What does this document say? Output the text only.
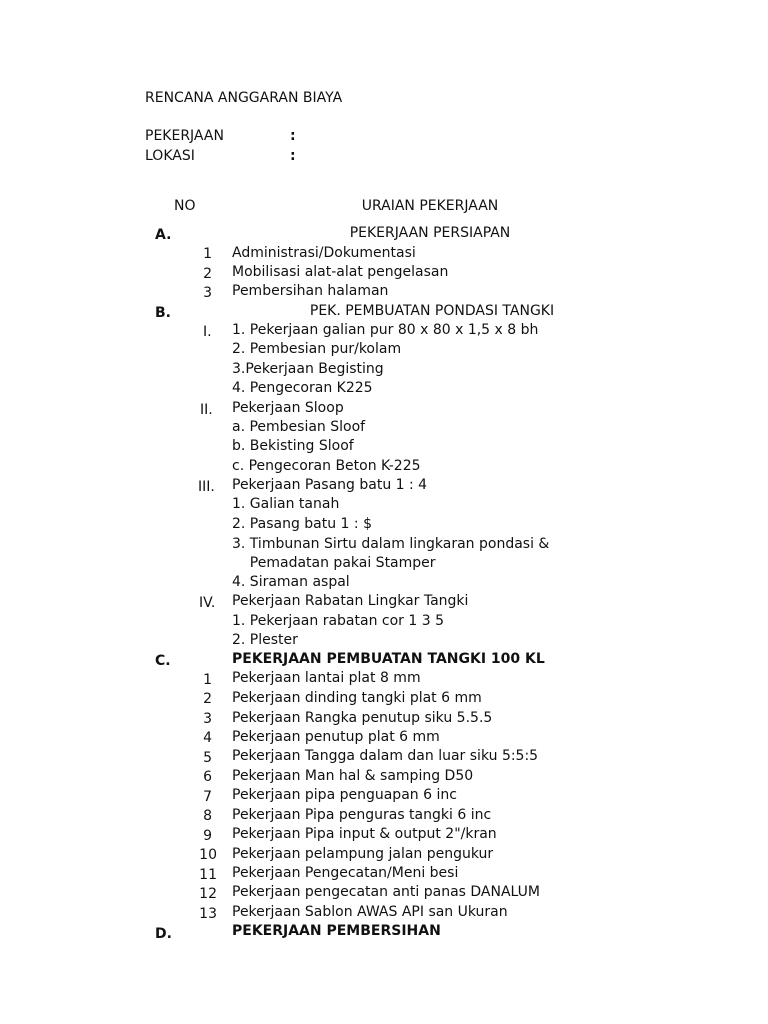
RENCANA ANGGARAN BIAYA
PEKERJAAN	:
LOKASI	:
NO	URAIAN PEKERJAAN
A.	PEKERJAAN PERSIAPAN
1 Administrasi/Dokumentasi
2 Mobilisasi alat-alat pengelasan
3 Pembersihan halaman
B.	PEK. PEMBUATAN PONDASI TANGKI
I. 1. Pekerjaan galian pur 80 x 80 x 1,5 x 8 bh
2. Pembesian pur/kolam
3.Pekerjaan Begisting
4. Pengecoran K225
II. Pekerjaan Sloop
a. Pembesian Sloof
b. Bekisting Sloof
c. Pengecoran Beton K-225
III. Pekerjaan Pasang batu 1 : 4
1. Galian tanah
2. Pasang batu 1 : $
3. Timbunan Sirtu dalam lingkaran pondasi &
Pemadatan pakai Stamper
4. Siraman aspal
IV. Pekerjaan Rabatan Lingkar Tangki
1. Pekerjaan rabatan cor 1 3 5
2. Plester
C.	PEKERJAAN PEMBUATAN TANGKI 100 KL
1 Pekerjaan lantai plat 8 mm
2 Pekerjaan dinding tangki plat 6 mm
3 Pekerjaan Rangka penutup siku 5.5.5
4 Pekerjaan penutup plat 6 mm
5 Pekerjaan Tangga dalam dan luar siku 5:5:5
6 Pekerjaan Man hal & samping D50
7 Pekerjaan pipa penguapan 6 inc
8 Pekerjaan Pipa penguras tangki 6 inc
9 Pekerjaan Pipa input & output 2"/kran
10 Pekerjaan pelampung jalan pengukur
11 Pekerjaan Pengecatan/Meni besi
12 Pekerjaan pengecatan anti panas DANALUM
13 Pekerjaan Sablon AWAS API san Ukuran
D.	PEKERJAAN PEMBERSIHAN
